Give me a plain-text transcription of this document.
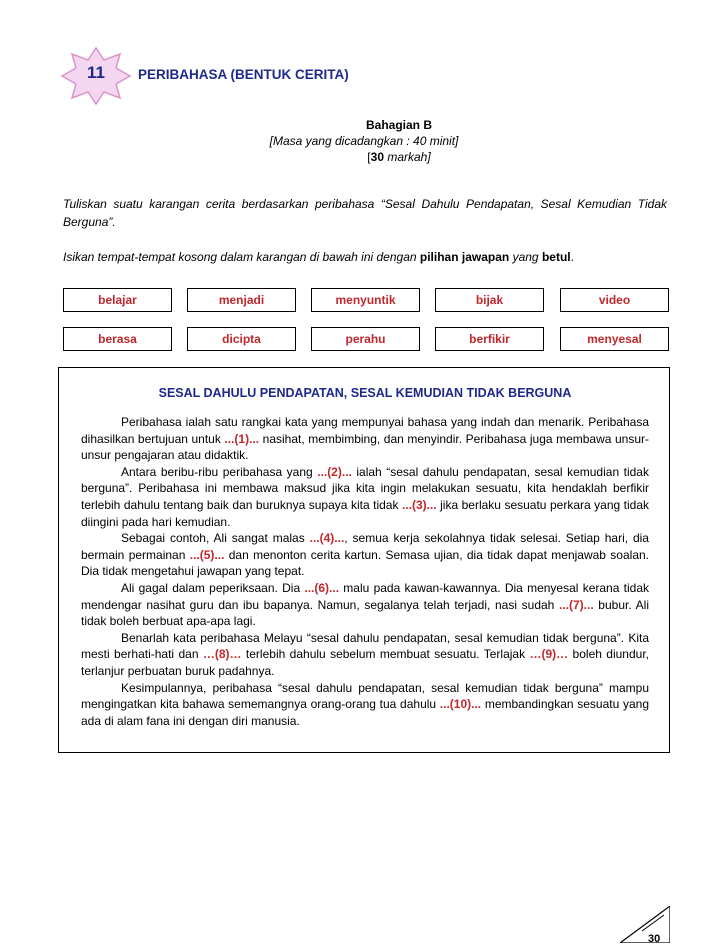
11	PERIBAHASA (BENTUK CERITA)
Bahagian B
[Masa yang dicadangkan : 40 minit]
[30 markah]
Tuliskan suatu karangan cerita berdasarkan peribahasa “Sesal Dahulu Pendapatan, Sesal Kemudian Tidak Berguna”.
Isikan tempat-tempat kosong dalam karangan di bawah ini dengan pilihan jawapan yang betul.
belajar	menjadi	menyuntik	bijak	video
berasa	dicipta	perahu	berfikir	menyesal
SESAL DAHULU PENDAPATAN, SESAL KEMUDIAN TIDAK BERGUNA

Peribahasa ialah satu rangkai kata yang mempunyai bahasa yang indah dan menarik. Peribahasa dihasilkan bertujuan untuk ...(1)... nasihat, membimbing, dan menyindir. Peribahasa juga membawa unsur-unsur pengajaran atau didaktik.

Antara beribu-ribu peribahasa yang ...(2)... ialah “sesal dahulu pendapatan, sesal kemudian tidak berguna”. Peribahasa ini membawa maksud jika kita ingin melakukan sesuatu, kita hendaklah berfikir terlebih dahulu tentang baik dan buruknya supaya kita tidak ...(3)... jika berlaku sesuatu perkara yang tidak diingini pada hari kemudian.

Sebagai contoh, Ali sangat malas ...(4)..., semua kerja sekolahnya tidak selesai. Setiap hari, dia bermain permainan ...(5)... dan menonton cerita kartun. Semasa ujian, dia tidak dapat menjawab soalan. Dia tidak mengetahui jawapan yang tepat.

Ali gagal dalam peperiksaan. Dia ...(6)... malu pada kawan-kawannya. Dia menyesal kerana tidak mendengar nasihat guru dan ibu bapanya. Namun, segalanya telah terjadi, nasi sudah ...(7)... bubur. Ali tidak boleh berbuat apa-apa lagi.

Benarlah kata peribahasa Melayu “sesal dahulu pendapatan, sesal kemudian tidak berguna”. Kita mesti berhati-hati dan …(8)… terlebih dahulu sebelum membuat sesuatu. Terlajak …(9)… boleh diundur, terlanjur perbuatan buruk padahnya.

Kesimpulannya, peribahasa “sesal dahulu pendapatan, sesal kemudian tidak berguna” mampu mengingatkan kita bahawa sememangnya orang-orang tua dahulu ...(10)... membandingkan sesuatu yang ada di alam fana ini dengan diri manusia.

30
